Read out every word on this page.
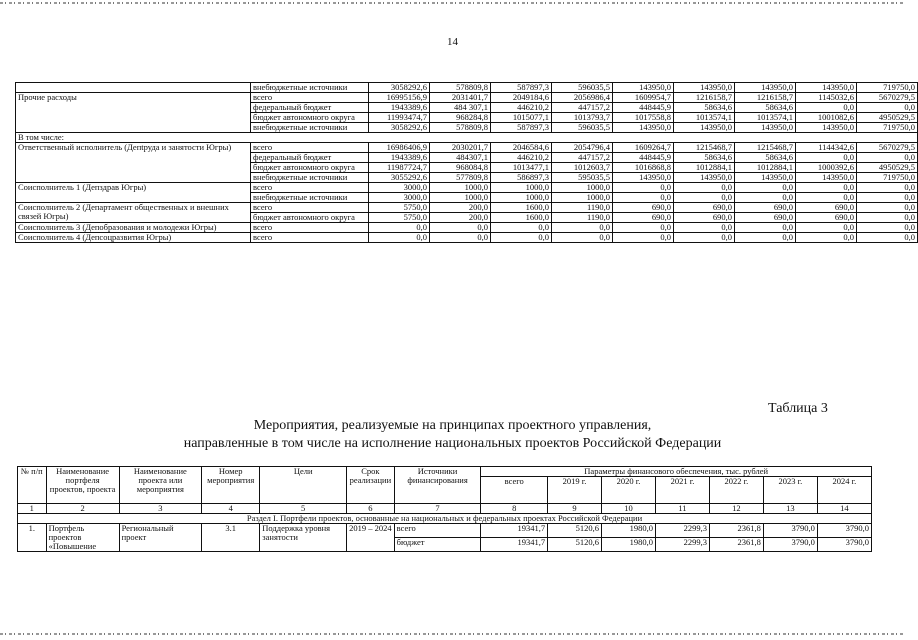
14
	внебюджетные источники	3058292,6	578809,8	587897,3	596035,5	143950,0	143950,0	143950,0	143950,0	719750,0
Прочие расходы	всего	16995156,9	2031401,7	2049184,6	2056986,4	1609954,7	1216158,7	1216158,7	1145032,6	5670279,5
	федеральный бюджет	1943389,6	484 307,1	446210,2	447157,2	448445,9	58634,6	58634,6	0,0	0,0
	бюджет автономного округа	11993474,7	968284,8	1015077,1	1013793,7	1017558,8	1013574,1	1013574,1	1001082,6	4950529,5
	внебюджетные источники	3058292,6	578809,8	587897,3	596035,5	143950,0	143950,0	143950,0	143950,0	719750,0
В том числе:										
Ответственный исполнитель (Депtруда и занятости Югры)	всего	16986406,9	2030201,7	2046584,6	2054796,4	1609264,7	1215468,7	1215468,7	1144342,6	5670279,5
	федеральный бюджет	1943389,6	484307,1	446210,2	447157,2	448445,9	58634,6	58634,6	0,0	0,0
	бюджет автономного округа	11987724,7	968084,8	1013477,1	1012603,7	1016868,8	1012884,1	1012884,1	1000392,6	4950529,5
	внебюджетные источники	3055292,6	577809,8	586897,3	595035,5	143950,0	143950,0	143950,0	143950,0	719750,0
Соисполнитель 1 (Депздрав Югры)	всего	3000,0	1000,0	1000,0	1000,0	0,0	0,0	0,0	0,0	0,0
	внебюджетные источники	3000,0	1000,0	1000,0	1000,0	0,0	0,0	0,0	0,0	0,0
Соисполнитель 2 (Департамент общественных и внешних связей Югры)	всего	5750,0	200,0	1600,0	1190,0	690,0	690,0	690,0	690,0	0,0
	бюджет автономного округа	5750,0	200,0	1600,0	1190,0	690,0	690,0	690,0	690,0	0,0
Соисполнитель 3 (Депобразования и молодежи Югры)	всего	0,0	0,0	0,0	0,0	0,0	0,0	0,0	0,0	0,0
Соисполнитель 4 (Депсоцразвития Югры)	всего	0,0	0,0	0,0	0,0	0,0	0,0	0,0	0,0	0,0
Таблица 3
Мероприятия, реализуемые на принципах проектного управления,
направленные в том числе на исполнение национальных проектов Российской Федерации
№ п/п	Наименование портфеля проектов, проекта	Наименование проекта или мероприятия	Номер мероприятия	Цели	Срок реализации	Источники финансирования	Параметры финансового обеспечения, тыс. рублей						
							всего	2019 г.	2020 г.	2021 г.	2022 г.	2023 г.	2024 г.
1	2	3	4	5	6	7	8	9	10	11	12	13	14
Раздел I. Портфели проектов, основанные на национальных и федеральных проектах Российской Федерации													
1.	Портфель проектов «Повышение	Региональный проект	3.1	Поддержка уровня занятости	2019 – 2024	всего	19341,7	5120,6	1980,0	2299,3	2361,8	3790,0	3790,0
						бюджет	19341,7	5120,6	1980,0	2299,3	2361,8	3790,0	3790,0
